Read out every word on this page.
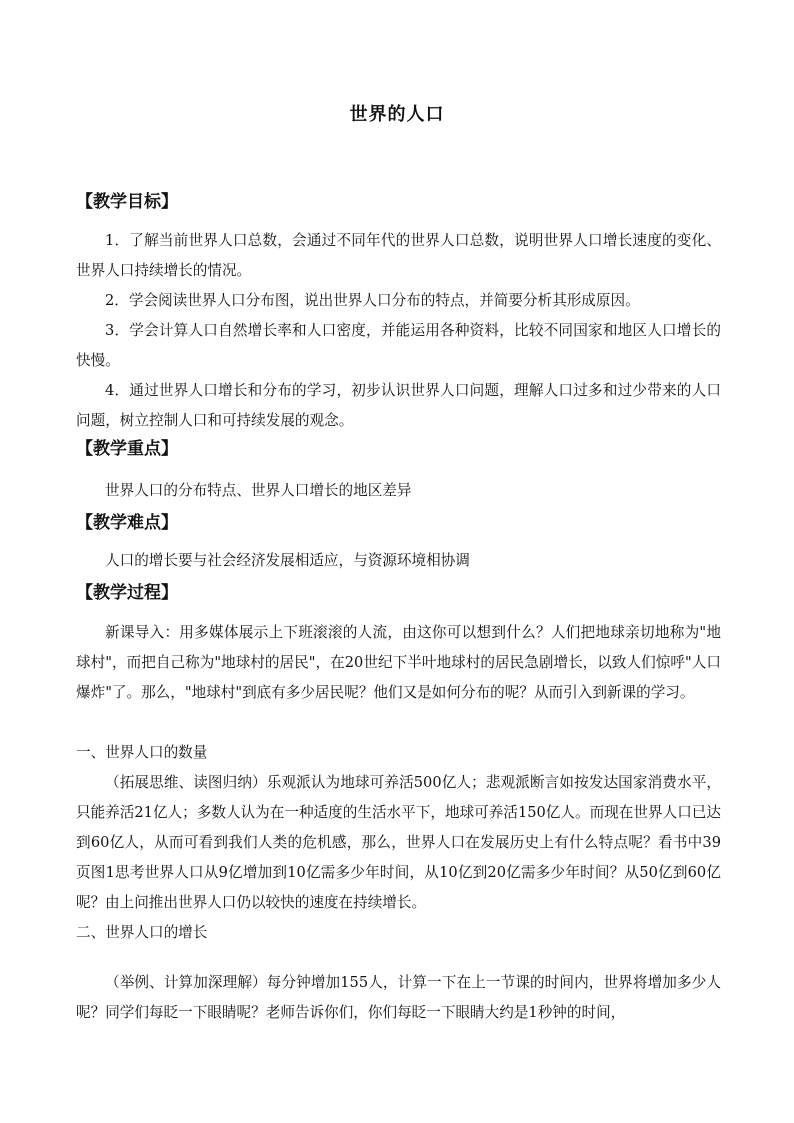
世界的人口
【教学目标】
1．了解当前世界人口总数，会通过不同年代的世界人口总数，说明世界人口增长速度的变化、世界人口持续增长的情况。
2．学会阅读世界人口分布图，说出世界人口分布的特点，并简要分析其形成原因。
3．学会计算人口自然增长率和人口密度，并能运用各种资料，比较不同国家和地区人口增长的快慢。
4．通过世界人口增长和分布的学习，初步认识世界人口问题，理解人口过多和过少带来的人口问题，树立控制人口和可持续发展的观念。
【教学重点】
世界人口的分布特点、世界人口增长的地区差异
【教学难点】
人口的增长要与社会经济发展相适应，与资源环境相协调
【教学过程】
新课导入：用多媒体展示上下班滚滚的人流，由这你可以想到什么？人们把地球亲切地称为"地球村"，而把自己称为"地球村的居民"，在20世纪下半叶地球村的居民急剧增长，以致人们惊呼"人口爆炸"了。那么，"地球村"到底有多少居民呢？他们又是如何分布的呢？从而引入到新课的学习。
一、世界人口的数量
（拓展思维、读图归纳）乐观派认为地球可养活500亿人；悲观派断言如按发达国家消费水平，只能养活21亿人；多数人认为在一种适度的生活水平下，地球可养活150亿人。而现在世界人口已达到60亿人，从而可看到我们人类的危机感，那么，世界人口在发展历史上有什么特点呢？看书中39页图1思考世界人口从9亿增加到10亿需多少年时间，从10亿到20亿需多少年时间？从50亿到60亿呢？ 由上问推出世界人口仍以较快的速度在持续增长。
二、世界人口的增长
（举例、计算加深理解）每分钟增加155人，计算一下在上一节课的时间内，世界将增加多少人呢？同学们每眨一下眼睛呢？老师告诉你们，你们每眨一下眼睛大约是1秒钟的时间，
